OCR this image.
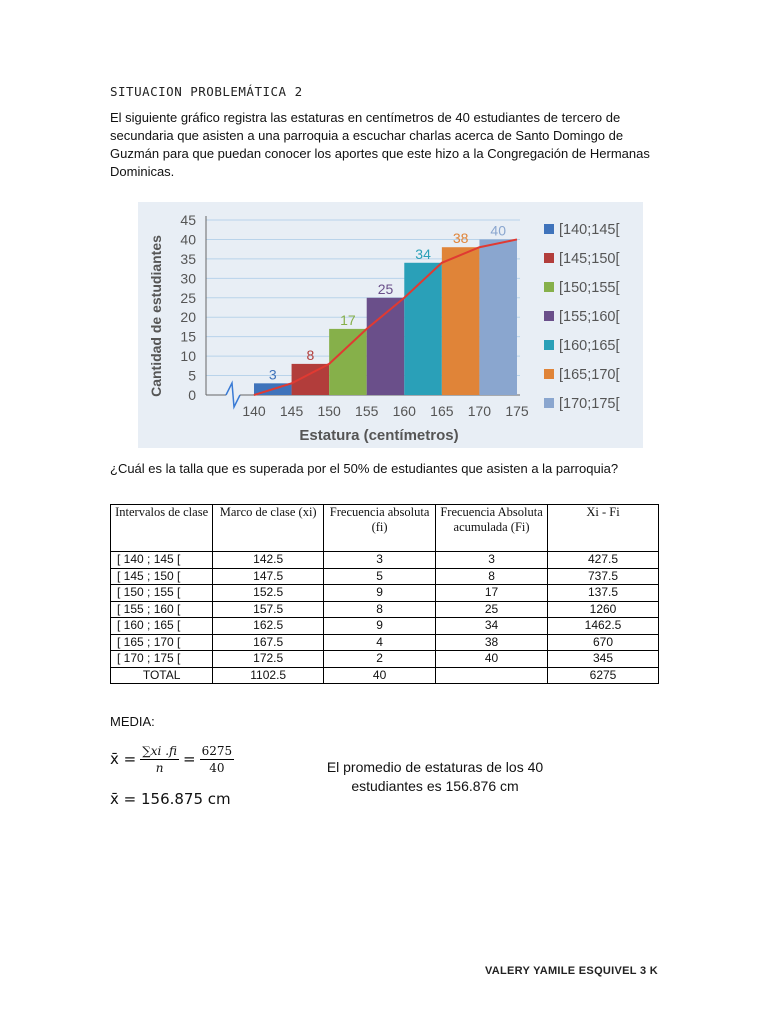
SITUACION PROBLEMÁTICA 2
El siguiente gráfico registra las estaturas en centímetros de 40 estudiantes de tercero de secundaria que asisten a una parroquia a escuchar charlas acerca de Santo Domingo de Guzmán para que puedan conocer los aportes que este hizo a la Congregación de Hermanas Dominicas.
0
5
10
15
20
25
30
35
40
45
3
8
17
25
34
38 40
140 145 150 155 160 165 170 175
Estatura (centímetros)
Cantidad de estudiantes
[140;145[
[145;150[
[150;155[
[155;160[
[160;165[
[165;170[
[170;175[
¿Cuál es la talla que es superada por el 50% de estudiantes que asisten a la parroquia?
Intervalos de clase	Marco de clase (xi)	Frecuencia absoluta (fi)	Frecuencia Absoluta acumulada (Fi)	Xi - Fi
[ 140 ; 145 [	142.5	3	3	427.5
[ 145 ; 150 [	147.5	5	8	737.5
[ 150 ; 155 [	152.5	9	17	137.5
[ 155 ; 160 [	157.5	8	25	1260
[ 160 ; 165 [	162.5	9	34	1462.5
[ 165 ; 170 [	167.5	4	38	670
[ 170 ; 175 [	172.5	2	40	345
TOTAL	1102.5	40		6275
MEDIA:
x̄ = $\frac{\sum xi .fi}{n} = \frac{6275}{40}$
x̄ = 156.875 cm
El promedio de estaturas de los 40 estudiantes es 156.876 cm
VALERY YAMILE ESQUIVEL 3 K
